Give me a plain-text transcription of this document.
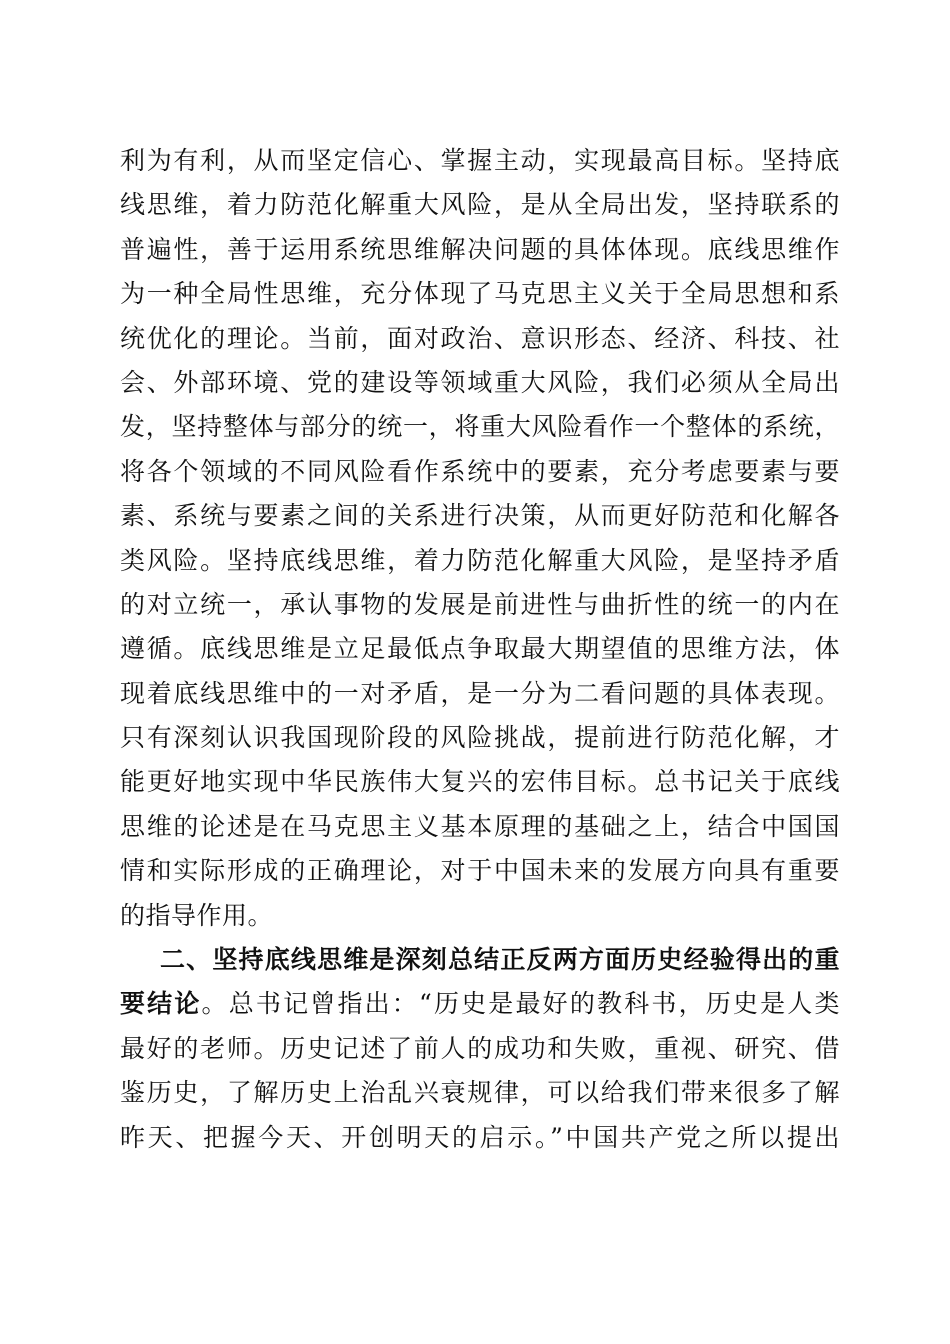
利为有利，从而坚定信心、掌握主动，实现最高目标。坚持底
线思维，着力防范化解重大风险，是从全局出发，坚持联系的
普遍性，善于运用系统思维解决问题的具体体现。底线思维作
为一种全局性思维，充分体现了马克思主义关于全局思想和系
统优化的理论。当前，面对政治、意识形态、经济、科技、社
会、外部环境、党的建设等领域重大风险，我们必须从全局出
发，坚持整体与部分的统一，将重大风险看作一个整体的系统，
将各个领域的不同风险看作系统中的要素，充分考虑要素与要
素、系统与要素之间的关系进行决策，从而更好防范和化解各
类风险。坚持底线思维，着力防范化解重大风险，是坚持矛盾
的对立统一，承认事物的发展是前进性与曲折性的统一的内在
遵循。底线思维是立足最低点争取最大期望值的思维方法，体
现着底线思维中的一对矛盾，是一分为二看问题的具体表现。
只有深刻认识我国现阶段的风险挑战，提前进行防范化解，才
能更好地实现中华民族伟大复兴的宏伟目标。总书记关于底线
思维的论述是在马克思主义基本原理的基础之上，结合中国国
情和实际形成的正确理论，对于中国未来的发展方向具有重要
的指导作用。
二、坚持底线思维是深刻总结正反两方面历史经验得出的重
要结论。总书记曾指出：“历史是最好的教科书，历史是人类
最好的老师。历史记述了前人的成功和失败，重视、研究、借
鉴历史，了解历史上治乱兴衰规律，可以给我们带来很多了解
昨天、把握今天、开创明天的启示。”中国共产党之所以提出
